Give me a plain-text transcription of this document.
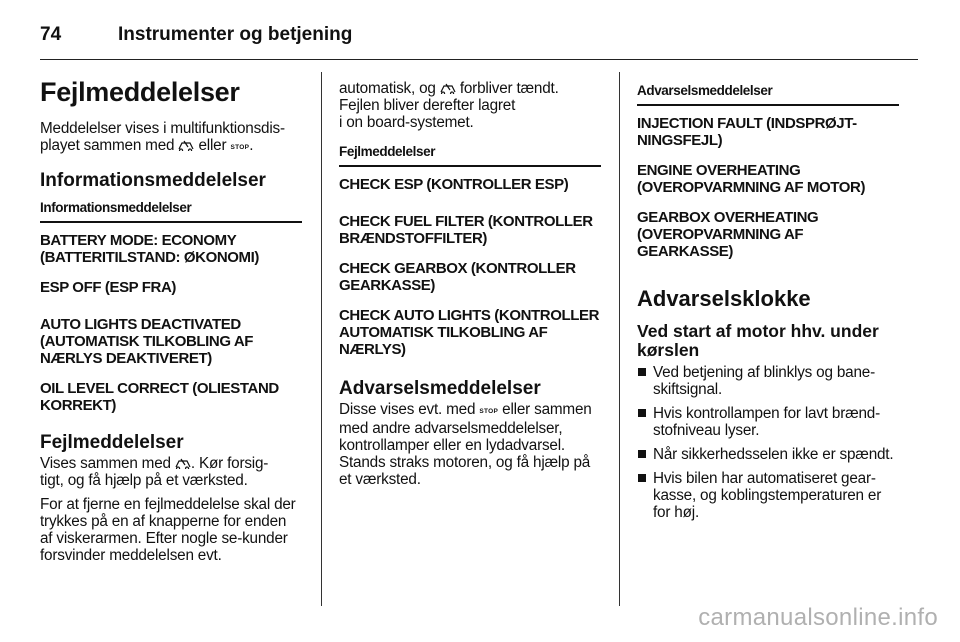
74	Instrumenter og betjening
Fejlmeddelelser

Meddelelser vises i multifunktionsdis-
playet sammen med eller STOP.

Informationsmeddelelser
Informationsmeddelelser
BATTERY MODE: ECONOMY (BATTERITILSTAND: ØKONOMI)
ESP OFF (ESP FRA)
AUTO LIGHTS DEACTIVATED (AUTOMATISK TILKOBLING AF NÆRLYS DEAKTIVERET)
OIL LEVEL CORRECT (OLIESTAND KORREKT)
Fejlmeddelelser

Vises sammen med . Kør forsig-
tigt, og få hjælp på et værksted.

For at fjerne en fejlmeddelelse skal der trykkes på en af knapperne for enden af viskerarmen. Efter nogle se-kunder forsvinder meddelelsen evt.

automatisk, og forbliver tændt.
Fejlen bliver derefter lagret
i on board-systemet.

Fejlmeddelelser
CHECK ESP (KONTROLLER ESP)
CHECK FUEL FILTER (KONTROLLER BRÆNDSTOFFILTER)
CHECK GEARBOX (KONTROLLER GEARKASSE)
CHECK AUTO LIGHTS (KONTROLLER AUTOMATISK TILKOBLING AF NÆRLYS)
Advarselsmeddelelser

Disse vises evt. med STOP eller sammen med andre advarselsmeddelelser, kontrollamper eller en lydadvarsel. Stands straks motoren, og få hjælp på et værksted.

Advarselsmeddelelser
INJECTION FAULT (INDSPRØJT-NINGSFEJL)
ENGINE OVERHEATING (OVEROPVARMNING AF MOTOR)
GEARBOX OVERHEATING (OVEROPVARMNING AF GEARKASSE)
Advarselsklokke
Ved start af motor hhv. under kørslen
Ved betjening af blinklys og bane-skiftsignal.
Hvis kontrollampen for lavt brænd-stofniveau lyser.
Når sikkerhedsselen ikke er spændt.
Hvis bilen har automatiseret gear-kasse, og koblingstemperaturen er for høj.
carmanualsonline.info
